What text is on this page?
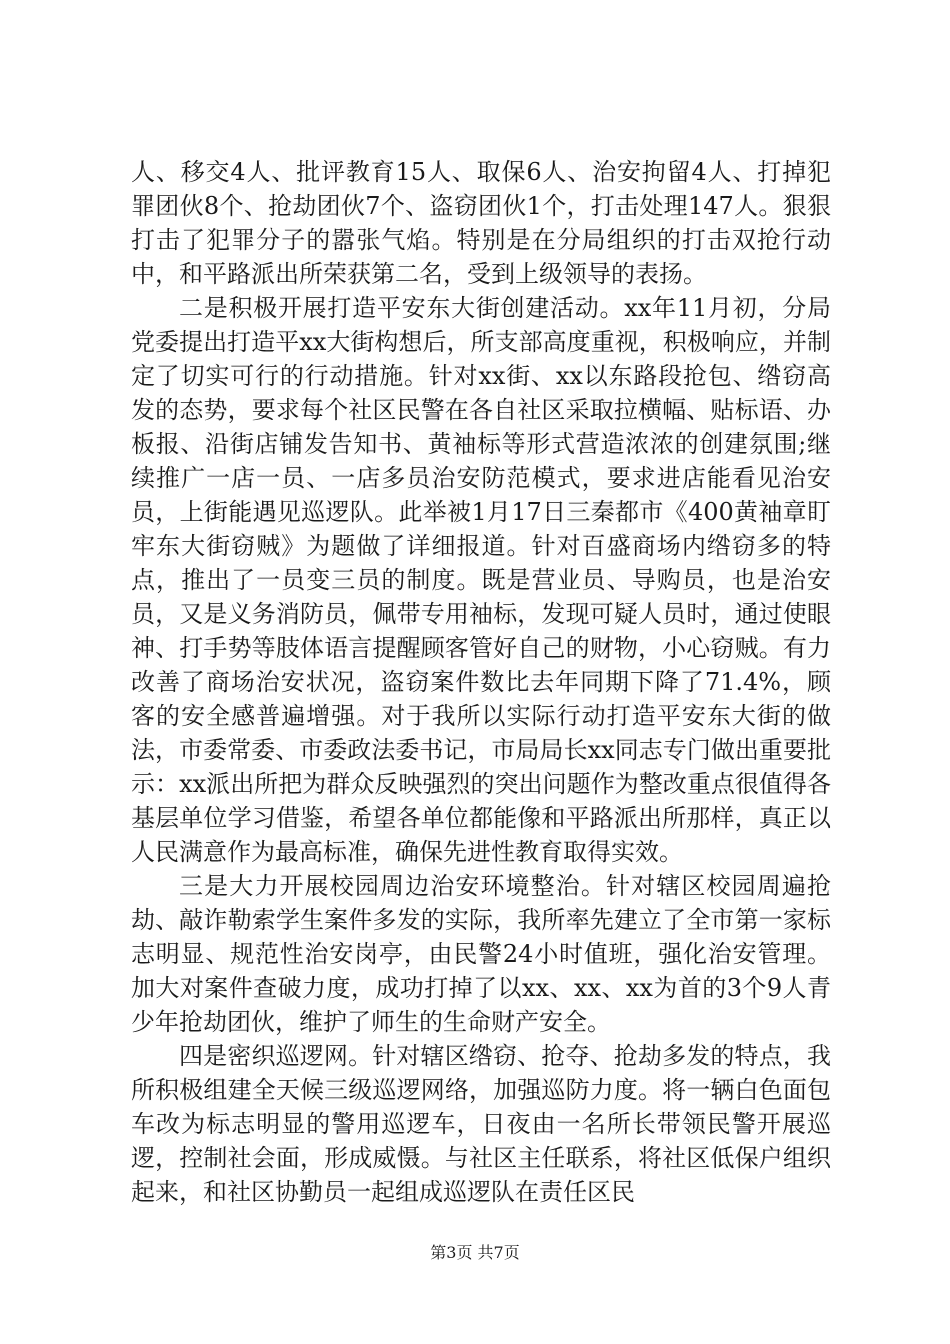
人、移交4人、批评教育15人、取保6人、治安拘留4人、打掉犯罪团伙8个、抢劫团伙7个、盗窃团伙1个，打击处理147人。狠狠打击了犯罪分子的嚣张气焰。特别是在分局组织的打击双抢行动中，和平路派出所荣获第二名，受到上级领导的表扬。

二是积极开展打造平安东大街创建活动。xx年11月初，分局党委提出打造平xx大街构想后，所支部高度重视，积极响应，并制定了切实可行的行动措施。针对xx街、xx以东路段抢包、绺窃高发的态势，要求每个社区民警在各自社区采取拉横幅、贴标语、办板报、沿街店铺发告知书、黄袖标等形式营造浓浓的创建氛围;继续推广一店一员、一店多员治安防范模式，要求进店能看见治安员，上街能遇见巡逻队。此举被1月17日三秦都市《400黄袖章盯牢东大街窃贼》为题做了详细报道。针对百盛商场内绺窃多的特点，推出了一员变三员的制度。既是营业员、导购员，也是治安员，又是义务消防员，佩带专用袖标，发现可疑人员时，通过使眼神、打手势等肢体语言提醒顾客管好自己的财物，小心窃贼。有力改善了商场治安状况，盗窃案件数比去年同期下降了71.4%，顾客的安全感普遍增强。对于我所以实际行动打造平安东大街的做法，市委常委、市委政法委书记，市局局长xx同志专门做出重要批示：xx派出所把为群众反映强烈的突出问题作为整改重点很值得各基层单位学习借鉴，希望各单位都能像和平路派出所那样，真正以人民满意作为最高标准，确保先进性教育取得实效。

三是大力开展校园周边治安环境整治。针对辖区校园周遍抢劫、敲诈勒索学生案件多发的实际，我所率先建立了全市第一家标志明显、规范性治安岗亭，由民警24小时值班，强化治安管理。加大对案件查破力度，成功打掉了以xx、xx、xx为首的3个9人青少年抢劫团伙，维护了师生的生命财产安全。

四是密织巡逻网。针对辖区绺窃、抢夺、抢劫多发的特点，我所积极组建全天候三级巡逻网络，加强巡防力度。将一辆白色面包车改为标志明显的警用巡逻车，日夜由一名所长带领民警开展巡逻，控制社会面，形成威慑。与社区主任联系，将社区低保户组织起来，和社区协勤员一起组成巡逻队在责任区民

第3页 共7页
